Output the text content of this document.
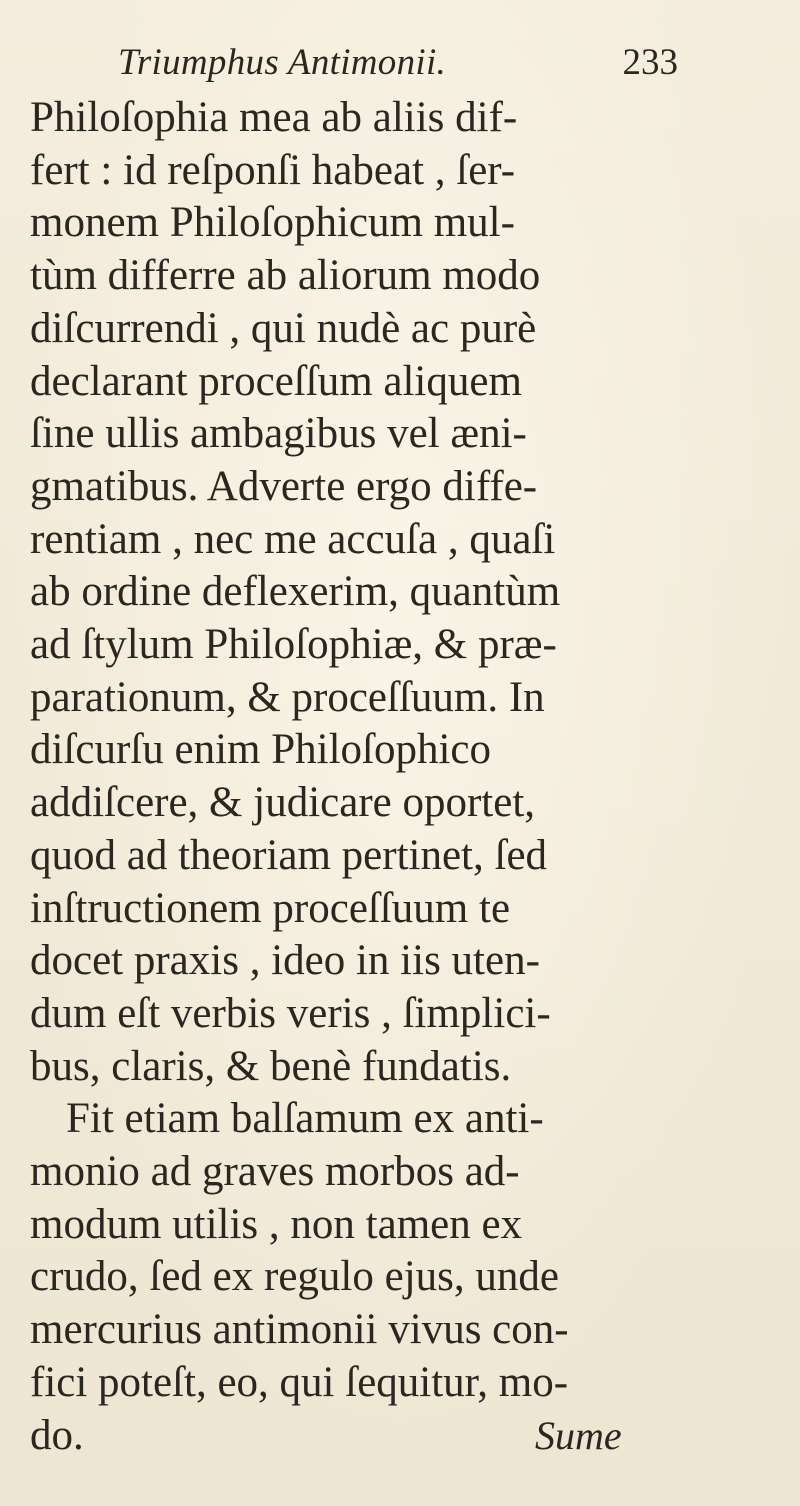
Triumphus Antimonii.	233
Philoſophia mea ab aliis dif-
fert : id reſponſi habeat , ſer-
monem Philoſophicum mul-
tùm differre ab aliorum modo
diſcurrendi , qui nudè ac purè
declarant proceſſum aliquem
ſine ullis ambagibus vel æni-
gmatibus. Adverte ergo diffe-
rentiam , nec me accuſa , quaſi
ab ordine deflexerim, quantùm
ad ſtylum Philoſophiæ, & præ-
parationum, & proceſſuum. In
diſcurſu enim Philoſophico
addiſcere, & judicare oportet,
quod ad theoriam pertinet, ſed
inſtructionem proceſſuum te
docet praxis , ideo in iis uten-
dum eſt verbis veris , ſimplici-
bus, claris, & benè fundatis.
Fit etiam balſamum ex anti-
monio ad graves morbos ad-
modum utilis , non tamen ex
crudo, ſed ex regulo ejus, unde
mercurius antimonii vivus con-
fici poteſt, eo, qui ſequitur, mo-
do.	Sume
